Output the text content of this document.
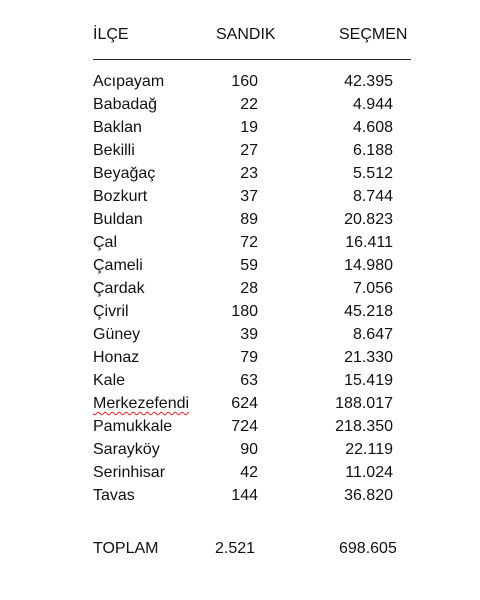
İLÇE	SANDIK	SEÇMEN
Acıpayam	160	42.395
Babadağ	22	4.944
Baklan	19	4.608
Bekilli	27	6.188
Beyağaç	23	5.512
Bozkurt	37	8.744
Buldan	89	20.823
Çal	72	16.411
Çameli	59	14.980
Çardak	28	7.056
Çivril	180	45.218
Güney	39	8.647
Honaz	79	21.330
Kale	63	15.419
Merkezefendi	624	188.017
Pamukkale	724	218.350
Sarayköy	90	22.119
Serinhisar	42	11.024
Tavas	144	36.820
TOPLAM	2.521	698.605
